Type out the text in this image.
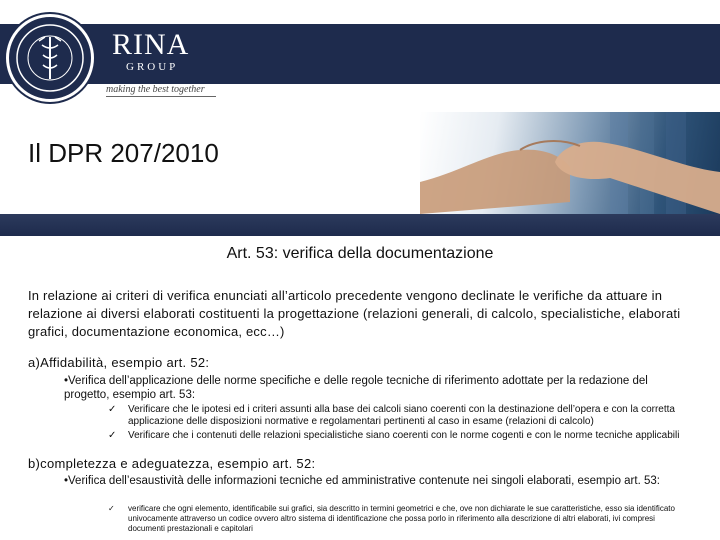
RINA
GROUP
making the best together
Il DPR 207/2010
Art. 53: verifica della documentazione
In relazione ai criteri di verifica enunciati all’articolo precedente vengono declinate le verifiche da attuare in relazione ai diversi elaborati costituenti la progettazione (relazioni generali, di calcolo, specialistiche, elaborati grafici, documentazione economica, ecc…)
a)Affidabilità, esempio art. 52:
•Verifica dell’applicazione delle norme specifiche e delle regole tecniche di riferimento adottate per la redazione del progetto, esempio art. 53:
✓ Verificare che le ipotesi ed i criteri assunti alla base dei calcoli siano coerenti con la destinazione dell’opera e con la corretta applicazione delle disposizioni normative e regolamentari pertinenti al caso in esame (relazioni di calcolo)
✓ Verificare che i contenuti delle relazioni specialistiche siano coerenti con le norme cogenti e con le norme tecniche applicabili
b)completezza e adeguatezza, esempio art. 52:
•Verifica dell’esaustività delle informazioni tecniche ed amministrative contenute nei singoli elaborati, esempio art. 53:
✓ verificare che ogni elemento, identificabile sui grafici, sia descritto in termini geometrici e che, ove non dichiarate le sue caratteristiche, esso sia identificato univocamente attraverso un codice ovvero altro sistema di identificazione che possa porlo in riferimento alla descrizione di altri elaborati, ivi compresi documenti prestazionali e capitolari
